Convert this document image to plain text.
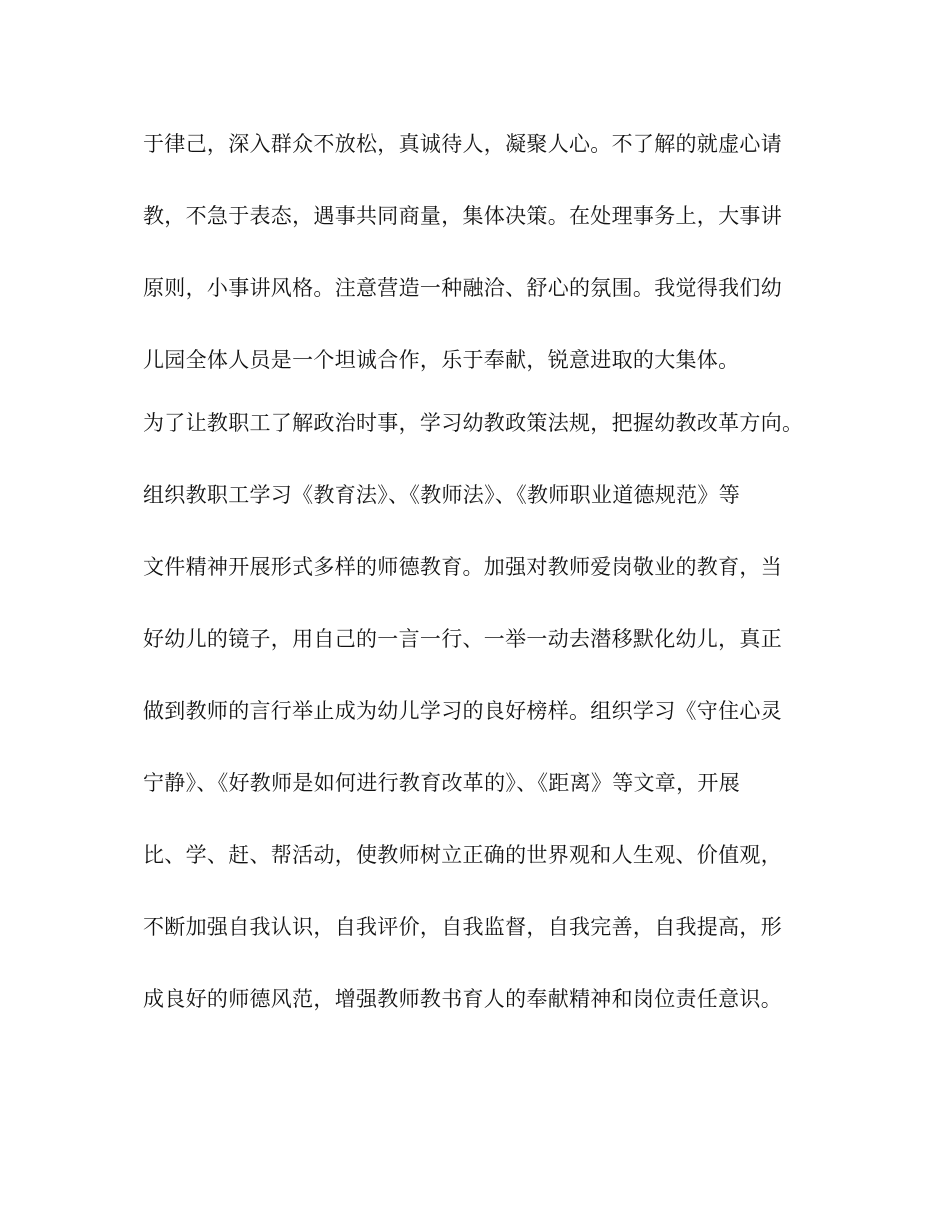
于律己，深入群众不放松，真诚待人，凝聚人心。不了解的就虚心请
教，不急于表态，遇事共同商量，集体决策。在处理事务上，大事讲
原则，小事讲风格。注意营造一种融洽、舒心的氛围。我觉得我们幼
儿园全体人员是一个坦诚合作，乐于奉献，锐意进取的大集体。
为了让教职工了解政治时事，学习幼教政策法规，把握幼教改革方向。
组织教职工学习《教育法》、《教师法》、《教师职业道德规范》等
文件精神开展形式多样的师德教育。加强对教师爱岗敬业的教育，当
好幼儿的镜子，用自己的一言一行、一举一动去潜移默化幼儿，真正
做到教师的言行举止成为幼儿学习的良好榜样。组织学习《守住心灵
宁静》、《好教师是如何进行教育改革的》、《距离》等文章，开展
比、学、赶、帮活动，使教师树立正确的世界观和人生观、价值观，
不断加强自我认识，自我评价，自我监督，自我完善，自我提高，形
成良好的师德风范，增强教师教书育人的奉献精神和岗位责任意识。
